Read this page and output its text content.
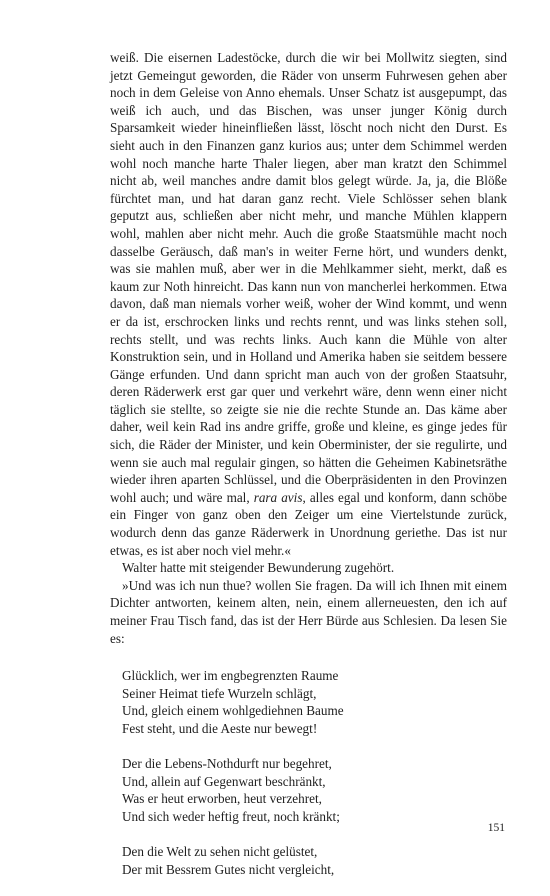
weiß. Die eisernen Ladestöcke, durch die wir bei Mollwitz siegten, sind jetzt Gemeingut geworden, die Räder von unserm Fuhrwesen gehen aber noch in dem Geleise von Anno ehemals. Unser Schatz ist ausgepumpt, das weiß ich auch, und das Bischen, was unser junger König durch Sparsamkeit wieder hineinfließen lässt, löscht noch nicht den Durst. Es sieht auch in den Finanzen ganz kurios aus; unter dem Schimmel werden wohl noch manche harte Thaler liegen, aber man kratzt den Schimmel nicht ab, weil manches andre damit blos gelegt würde. Ja, ja, die Blöße fürchtet man, und hat daran ganz recht. Viele Schlösser sehen blank geputzt aus, schließen aber nicht mehr, und manche Mühlen klappern wohl, mahlen aber nicht mehr. Auch die große Staatsmühle macht noch dasselbe Geräusch, daß man's in weiter Ferne hört, und wunders denkt, was sie mahlen muß, aber wer in die Mehlkammer sieht, merkt, daß es kaum zur Noth hinreicht. Das kann nun von mancherlei herkommen. Etwa davon, daß man niemals vorher weiß, woher der Wind kommt, und wenn er da ist, erschrocken links und rechts rennt, und was links stehen soll, rechts stellt, und was rechts links. Auch kann die Mühle von alter Konstruktion sein, und in Holland und Amerika haben sie seitdem bessere Gänge erfunden. Und dann spricht man auch von der großen Staatsuhr, deren Räderwerk erst gar quer und verkehrt wäre, denn wenn einer nicht täglich sie stellte, so zeigte sie nie die rechte Stunde an. Das käme aber daher, weil kein Rad ins andre griffe, große und kleine, es ginge jedes für sich, die Räder der Minister, und kein Oberminister, der sie regulirte, und wenn sie auch mal regulair gingen, so hätten die Geheimen Kabinetsräthe wieder ihren aparten Schlüssel, und die Oberpräsidenten in den Provinzen wohl auch; und wäre mal, rara avis, alles egal und konform, dann schöbe ein Finger von ganz oben den Zeiger um eine Viertelstunde zurück, wodurch denn das ganze Räderwerk in Unordnung geriethe. Das ist nur etwas, es ist aber noch viel mehr.«

Walter hatte mit steigender Bewunderung zugehört.

»Und was ich nun thue? wollen Sie fragen. Da will ich Ihnen mit einem Dichter antworten, keinem alten, nein, einem allerneuesten, den ich auf meiner Frau Tisch fand, das ist der Herr Bürde aus Schlesien. Da lesen Sie es:

Glücklich, wer im engbegrenzten Raume
Seiner Heimat tiefe Wurzeln schlägt,
Und, gleich einem wohlgediehnen Baume
Fest steht, und die Aeste nur bewegt!
Der die Lebens-Nothdurft nur begehret,
Und, allein auf Gegenwart beschränkt,
Was er heut erworben, heut verzehret,
Und sich weder heftig freut, noch kränkt;
Den die Welt zu sehen nicht gelüstet,
Der mit Bessrem Gutes nicht vergleicht,
151
